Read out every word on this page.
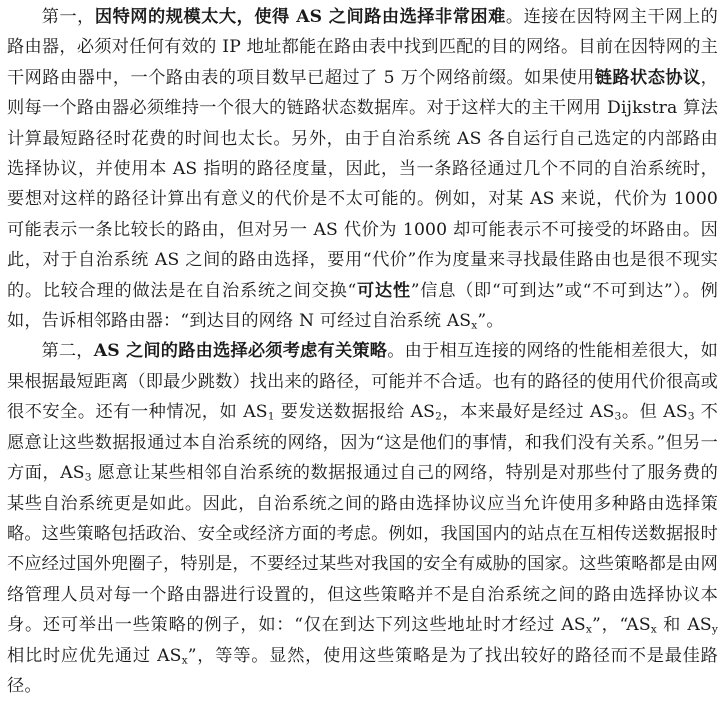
第一，因特网的规模太大，使得 AS 之间路由选择非常困难。连接在因特网主干网上的路由器，必须对任何有效的 IP 地址都能在路由表中找到匹配的目的网络。目前在因特网的主干网路由器中，一个路由表的项目数早已超过了 5 万个网络前缀。如果使用链路状态协议，则每一个路由器必须维持一个很大的链路状态数据库。对于这样大的主干网用 Dijkstra 算法计算最短路径时花费的时间也太长。另外，由于自治系统 AS 各自运行自己选定的内部路由选择协议，并使用本 AS 指明的路径度量，因此，当一条路径通过几个不同的自治系统时，要想对这样的路径计算出有意义的代价是不太可能的。例如，对某 AS 来说，代价为 1000 可能表示一条比较长的路由，但对另一 AS 代价为 1000 却可能表示不可接受的坏路由。因此，对于自治系统 AS 之间的路由选择，要用“代价”作为度量来寻找最佳路由也是很不现实的。比较合理的做法是在自治系统之间交换“可达性”信息（即“可到达”或“不可到达”）。例如，告诉相邻路由器：“到达目的网络 N 可经过自治系统 $AS_x$”。

第二，AS 之间的路由选择必须考虑有关策略。由于相互连接的网络的性能相差很大，如果根据最短距离（即最少跳数）找出来的路径，可能并不合适。也有的路径的使用代价很高或很不安全。还有一种情况，如 $AS_1$ 要发送数据报给 $AS_2$，本来最好是经过 $AS_3$。但 $AS_3$ 不愿意让这些数据报通过本自治系统的网络，因为“这是他们的事情，和我们没有关系。”但另一方面，$AS_3$ 愿意让某些相邻自治系统的数据报通过自己的网络，特别是对那些付了服务费的某些自治系统更是如此。因此，自治系统之间的路由选择协议应当允许使用多种路由选择策略。这些策略包括政治、安全或经济方面的考虑。例如，我国国内的站点在互相传送数据报时不应经过国外兜圈子，特别是，不要经过某些对我国的安全有威胁的国家。这些策略都是由网络管理人员对每一个路由器进行设置的，但这些策略并不是自治系统之间的路由选择协议本身。还可举出一些策略的例子，如：“仅在到达下列这些地址时才经过 $AS_x$”，“$AS_x$ 和 $AS_y$ 相比时应优先通过 $AS_x$”，等等。显然，使用这些策略是为了找出较好的路径而不是最佳路径。
